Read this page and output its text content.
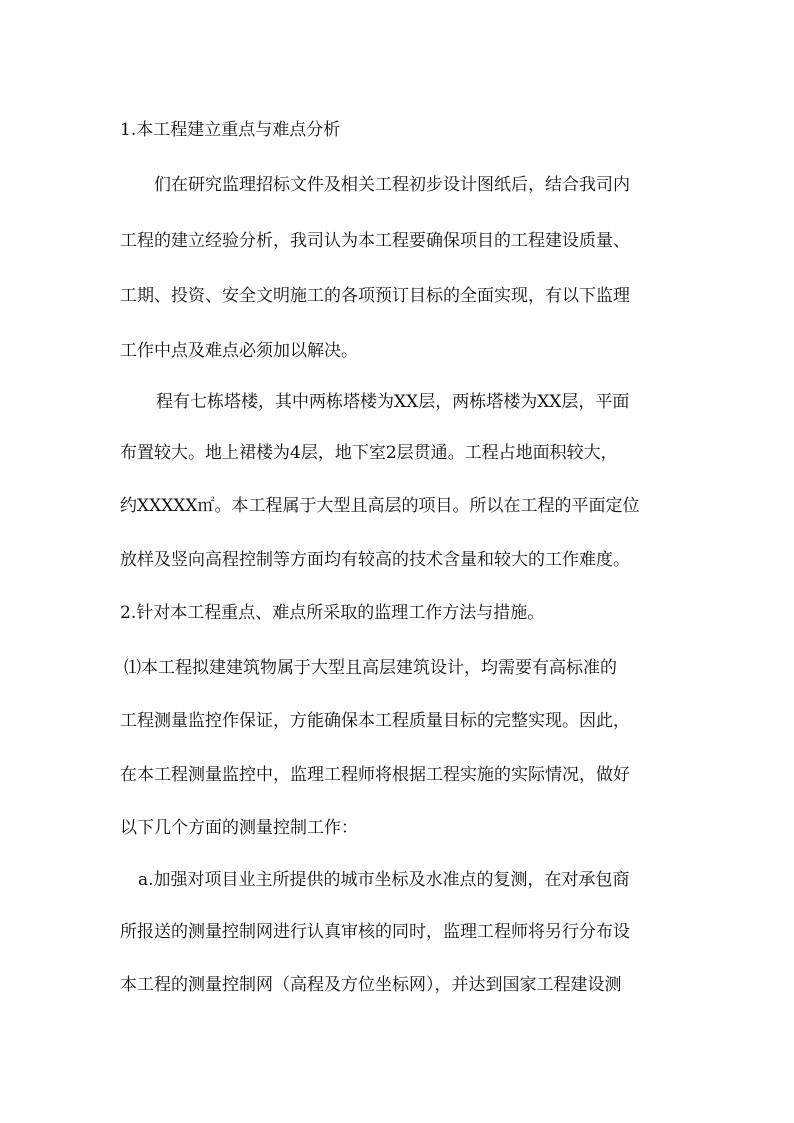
1.本工程建立重点与难点分析
们在研究监理招标文件及相关工程初步设计图纸后，结合我司内
工程的建立经验分析，我司认为本工程要确保项目的工程建设质量、
工期、投资、安全文明施工的各项预订目标的全面实现，有以下监理
工作中点及难点必须加以解决。
程有七栋塔楼，其中两栋塔楼为XX层，两栋塔楼为XX层，平面
布置较大。地上裙楼为4层，地下室2层贯通。工程占地面积较大，
约XXXXX㎡。本工程属于大型且高层的项目。所以在工程的平面定位
放样及竖向高程控制等方面均有较高的技术含量和较大的工作难度。
2.针对本工程重点、难点所采取的监理工作方法与措施。
⑴本工程拟建建筑物属于大型且高层建筑设计，均需要有高标准的
工程测量监控作保证，方能确保本工程质量目标的完整实现。因此，
在本工程测量监控中，监理工程师将根据工程实施的实际情况，做好
以下几个方面的测量控制工作：
a.加强对项目业主所提供的城市坐标及水准点的复测，在对承包商
所报送的测量控制网进行认真审核的同时，监理工程师将另行分布设
本工程的测量控制网（高程及方位坐标网），并达到国家工程建设测
